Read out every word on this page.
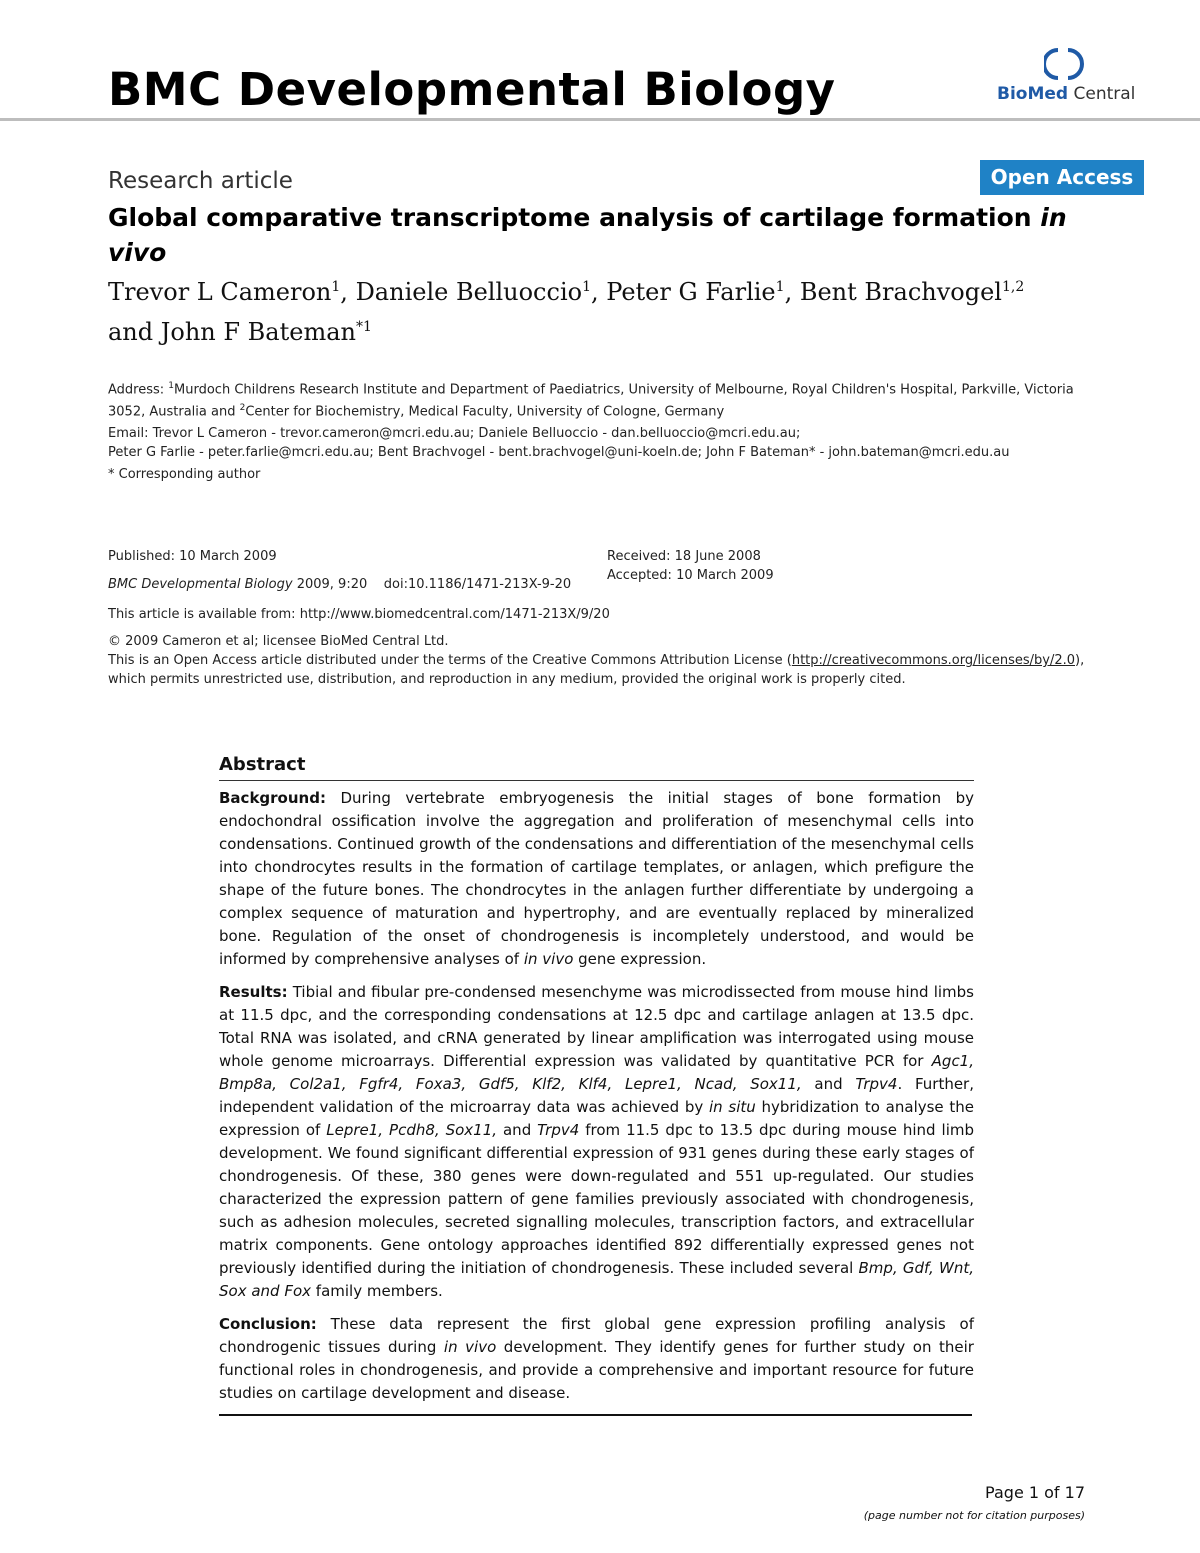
BMC Developmental Biology	BioMed Central
Research article	Open Access
Global comparative transcriptome analysis of cartilage formation in vivo
Trevor L Cameron$^1$, Daniele Belluoccio$^1$, Peter G Farlie$^1$, Bent Brachvogel$^{1,2}$
and John F Bateman$^{*1}$
Address: $^1$Murdoch Childrens Research Institute and Department of Paediatrics, University of Melbourne, Royal Children's Hospital, Parkville, Victoria 3052, Australia and $^2$Center for Biochemistry, Medical Faculty, University of Cologne, Germany
Email: Trevor L Cameron - trevor.cameron@mcri.edu.au; Daniele Belluoccio - dan.belluoccio@mcri.edu.au;
Peter G Farlie - peter.farlie@mcri.edu.au; Bent Brachvogel - bent.brachvogel@uni-koeln.de; John F Bateman* - john.bateman@mcri.edu.au
* Corresponding author
Published: 10 March 2009
BMC Developmental Biology 2009, 9:20    doi:10.1186/1471-213X-9-20
Received: 18 June 2008
Accepted: 10 March 2009
This article is available from: http://www.biomedcentral.com/1471-213X/9/20
© 2009 Cameron et al; licensee BioMed Central Ltd.
This is an Open Access article distributed under the terms of the Creative Commons Attribution License (http://creativecommons.org/licenses/by/2.0),
which permits unrestricted use, distribution, and reproduction in any medium, provided the original work is properly cited.
Abstract

Background: During vertebrate embryogenesis the initial stages of bone formation by endochondral ossification involve the aggregation and proliferation of mesenchymal cells into condensations. Continued growth of the condensations and differentiation of the mesenchymal cells into chondrocytes results in the formation of cartilage templates, or anlagen, which prefigure the shape of the future bones. The chondrocytes in the anlagen further differentiate by undergoing a complex sequence of maturation and hypertrophy, and are eventually replaced by mineralized bone. Regulation of the onset of chondrogenesis is incompletely understood, and would be informed by comprehensive analyses of in vivo gene expression.

Results: Tibial and fibular pre-condensed mesenchyme was microdissected from mouse hind limbs at 11.5 dpc, and the corresponding condensations at 12.5 dpc and cartilage anlagen at 13.5 dpc. Total RNA was isolated, and cRNA generated by linear amplification was interrogated using mouse whole genome microarrays. Differential expression was validated by quantitative PCR for Agc1, Bmp8a, Col2a1, Fgfr4, Foxa3, Gdf5, Klf2, Klf4, Lepre1, Ncad, Sox11, and Trpv4. Further, independent validation of the microarray data was achieved by in situ hybridization to analyse the expression of Lepre1, Pcdh8, Sox11, and Trpv4 from 11.5 dpc to 13.5 dpc during mouse hind limb development. We found significant differential expression of 931 genes during these early stages of chondrogenesis. Of these, 380 genes were down-regulated and 551 up-regulated. Our studies characterized the expression pattern of gene families previously associated with chondrogenesis, such as adhesion molecules, secreted signalling molecules, transcription factors, and extracellular matrix components. Gene ontology approaches identified 892 differentially expressed genes not previously identified during the initiation of chondrogenesis. These included several Bmp, Gdf, Wnt, Sox and Fox family members.

Conclusion: These data represent the first global gene expression profiling analysis of chondrogenic tissues during in vivo development. They identify genes for further study on their functional roles in chondrogenesis, and provide a comprehensive and important resource for future studies on cartilage development and disease.

Page 1 of 17
(page number not for citation purposes)
